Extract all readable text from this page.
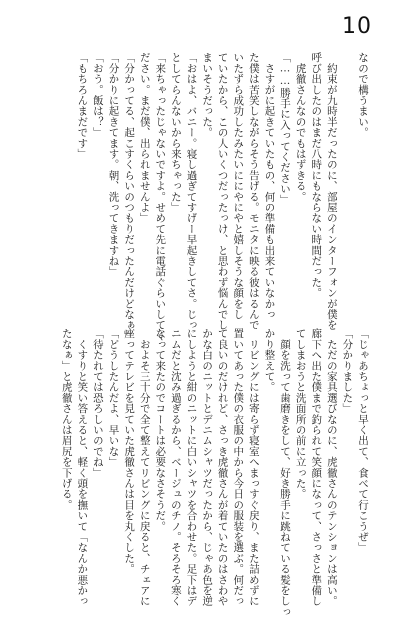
10
なので構うまい。

　約束が九時半だったのに、部屋のインターフォンが僕を
呼び出したのはまだ八時にもならない時間だった。
　虎徹さんなのでもはずきる。
「……勝手に入ってください」
　さすがに起きていたもの、何の準備も出来ていなかっ
た僕は苦笑しながらそう告げる。モニタに映る彼はるんで
いたずら成功したみたいににやにやと嬉しそうな顔をし
ていたから、この人いくつだったっけ、と思わず悩んでし
まいそうだった。
「おはよ、バニー。寝し過ぎてすげー早起きしてさ。じっ
としてらんないから来ちゃった」
「来ちゃったじゃないですよ。せめて先に電話ぐらいしてく
ださい。まだ僕、出られませんよ」
「分かってる、起こすくらいのつもりだったんだけどなぁ」
「分かりに起きてます。朝、洗ってきますね」
「おう。飯は？」
「もちろんまだです」
「じゃあちょっと早く出て、食べて行こうぜ」
「分かりました」
　ただの家具選びなのに、虎徹さんのテンションは高い。
廊下へ出た僕まで釣られて笑顔になって、さっさと準備し
てしまおうと洗面所の前に立った。
　顔を洗って歯磨きをして、好き勝手に跳ねている髪をしっ
かり整えて。
　リビングには寄らず寝室へまっすぐ戻り、また詰めずに
置いてあった僕の衣服の中から今日の服装を選ぶ。何だっ
て良いのだけれど、さっき虎徹さんが着ていたのはさわや
かな白のニットとデニムシャツだったから、じゃあ色を逆
にしようと紺のニットに白いシャツを合わせた。足下はデ
ニムだと沈み過ぎるから、ベージュのチノ。そろそろ寒く
なって来たのでコートは必要なさそうだ。
　およそ三十分で全て整えてリビングに戻ると、チェアに
座ってテレビを見ていた虎徹さんは目を丸くした。
「どうしたんだよ、早いな」
「待たれては恐ろしいのでね」
　くすりと笑い答えると、軽く頭を撫いて「なんか悪かっ
たなぁ」と虎徹さんは眉尻を下げる。
